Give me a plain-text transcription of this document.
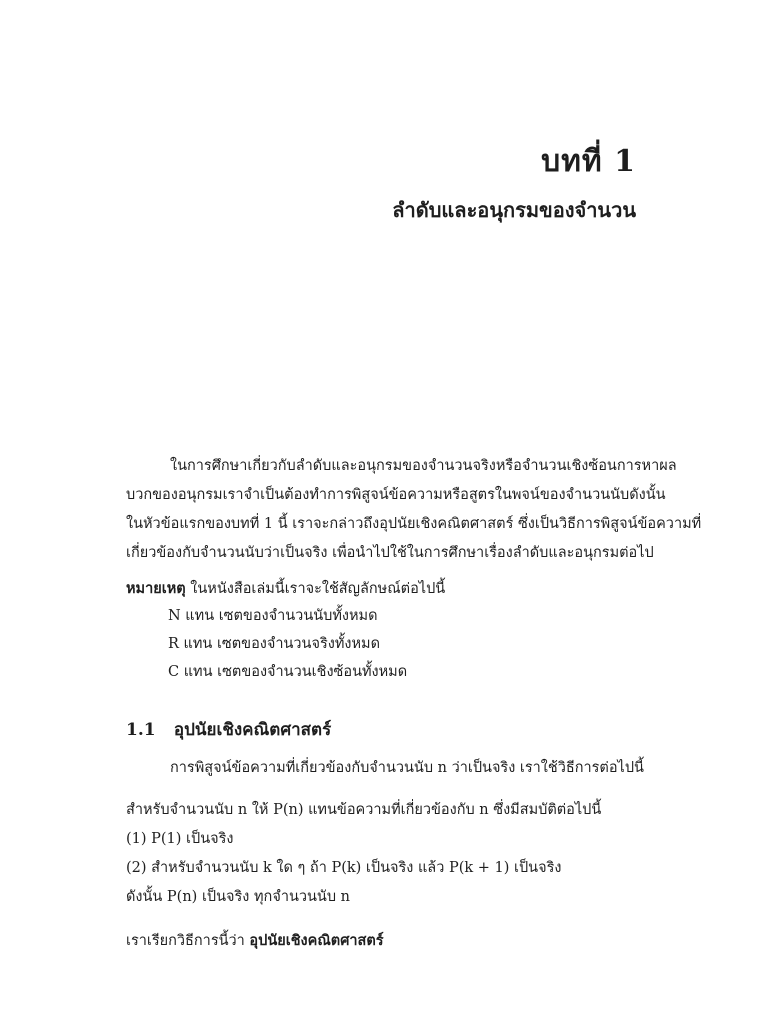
บทที่ 1
ลำดับและอนุกรมของจำนวน
ในการศึกษาเกี่ยวกับลำดับและอนุกรมของจำนวนจริงหรือจำนวนเชิงซ้อน การหาผล
บวกของอนุกรมเราจำเป็นต้องทำการพิสูจน์ข้อความหรือสูตรในพจน์ของจำนวนนับ ดังนั้น
ในหัวข้อแรกของบทที่ 1 นี้ เราจะกล่าวถึงอุปนัยเชิงคณิตศาสตร์ ซึ่งเป็นวิธีการพิสูจน์ข้อความที่
เกี่ยวข้องกับจำนวนนับว่าเป็นจริง เพื่อนำไปใช้ในการศึกษาเรื่องลำดับและอนุกรมต่อไป
หมายเหตุ ในหนังสือเล่มนี้เราจะใช้สัญลักษณ์ต่อไปนี้
N แทน เซตของจำนวนนับทั้งหมด
R แทน เซตของจำนวนจริงทั้งหมด
C แทน เซตของจำนวนเชิงซ้อนทั้งหมด
1.1 อุปนัยเชิงคณิตศาสตร์
การพิสูจน์ข้อความที่เกี่ยวข้องกับจำนวนนับ n ว่าเป็นจริง เราใช้วิธีการต่อไปนี้
สำหรับจำนวนนับ n ให้ P(n) แทนข้อความที่เกี่ยวข้องกับ n ซึ่งมีสมบัติต่อไปนี้
(1) P(1) เป็นจริง
(2) สำหรับจำนวนนับ k ใด ๆ ถ้า P(k) เป็นจริง แล้ว P(k + 1) เป็นจริง
ดังนั้น P(n) เป็นจริง ทุกจำนวนนับ n
เราเรียกวิธีการนี้ว่า อุปนัยเชิงคณิตศาสตร์
